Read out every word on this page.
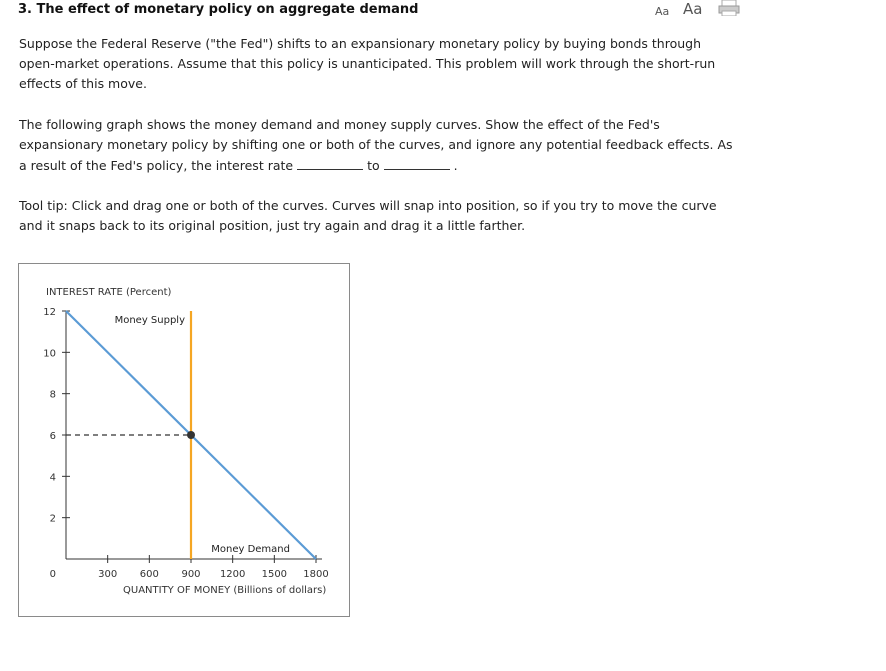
3. The effect of monetary policy on aggregate demand	Aa Aa
Suppose the Federal Reserve ("the Fed") shifts to an expansionary monetary policy by buying bonds through open-market operations. Assume that this policy is unanticipated. This problem will work through the short-run effects of this move.
The following graph shows the money demand and money supply curves. Show the effect of the Fed's expansionary monetary policy by shifting one or both of the curves, and ignore any potential feedback effects. As a result of the Fed's policy, the interest rate	to	.
Tool tip: Click and drag one or both of the curves. Curves will snap into position, so if you try to move the curve and it snaps back to its original position, just try again and drag it a little farther.
INTEREST RATE (Percent)
QUANTITY OF MONEY (Billions of dollars)
12
10
8
6
4
2
0	300 600 900 1200 1500 1800
Money Supply
Money Demand
